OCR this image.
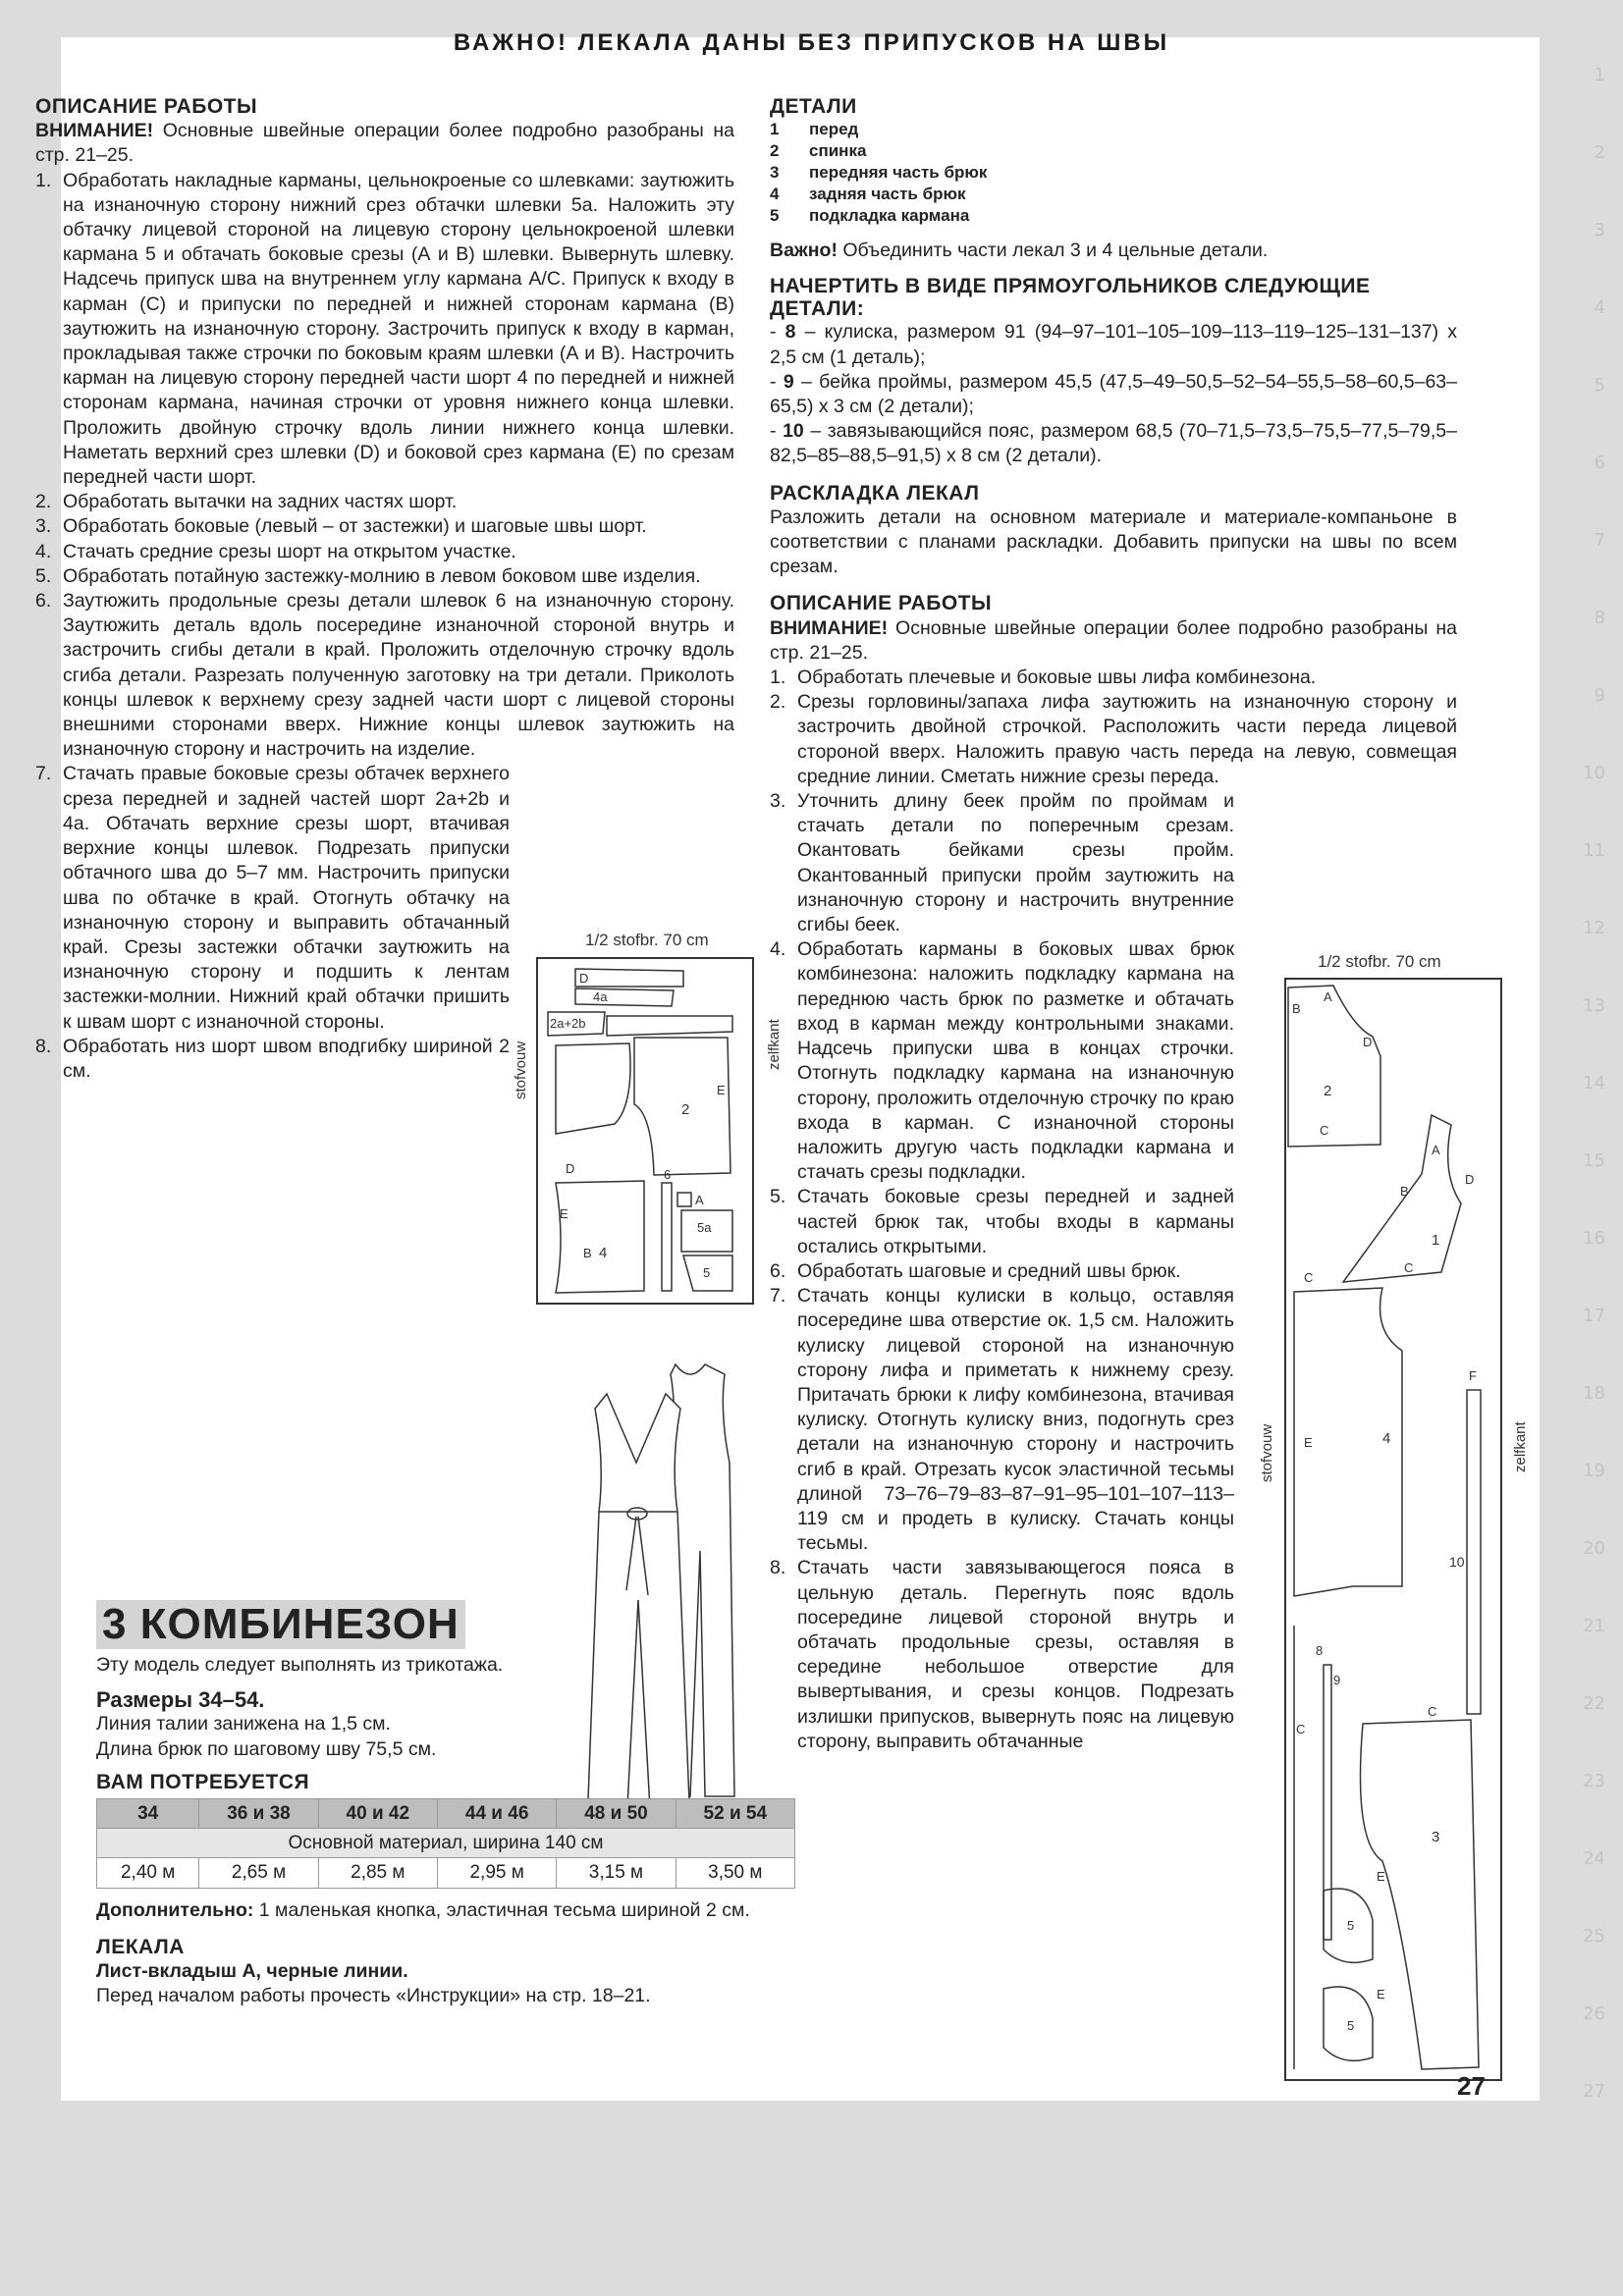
1
2
3
4
5
6
7
8
9
10
11
12
13
14
15
16
17
18
19
20
21
22
23
24
25
26
27
ВАЖНО! ЛЕКАЛА ДАНЫ БЕЗ ПРИПУСКОВ НА ШВЫ
ОПИСАНИЕ РАБОТЫ

ВНИМАНИЕ! Основные швейные операции более подробно разобраны на стр. 21–25.

1. Обработать накладные карманы, цельнокроеные со шлевками: заутюжить на изнаночную сторону нижний срез обтачки шлевки 5а. Наложить эту обтачку лицевой стороной на лицевую сторону цельнокроеной шлевки кармана 5 и обтачать боковые срезы (А и В) шлевки. Вывернуть шлевку. Надсечь припуск шва на внутреннем углу кармана А/С. Припуск к входу в карман (С) и припуски по передней и нижней сторонам кармана (В) заутюжить на изнаночную сторону. Застрочить припуск к входу в карман, прокладывая также строчки по боковым краям шлевки (А и В). Настрочить карман на лицевую сторону передней части шорт 4 по передней и нижней сторонам кармана, начиная строчки от уровня нижнего конца шлевки. Проложить двойную строчку вдоль линии нижнего конца шлевки. Наметать верхний срез шлевки (D) и боковой срез кармана (Е) по срезам передней части шорт.
2. Обработать вытачки на задних частях шорт.
3. Обработать боковые (левый – от застежки) и шаговые швы шорт.
4. Стачать средние срезы шорт на открытом участке.
5. Обработать потайную застежку-молнию в левом боковом шве изделия.
6. Заутюжить продольные срезы детали шлевок 6 на изнаночную сторону. Заутюжить деталь вдоль посередине изнаночной стороной внутрь и застрочить сгибы детали в край. Проложить отделочную строчку вдоль сгиба детали. Разрезать полученную заготовку на три детали. Приколоть концы шлевок к верхнему срезу задней части шорт с лицевой стороны внешними сторонами вверх. Нижние концы шлевок заутюжить на изнаночную сторону и настрочить на изделие.
7. Стачать правые боковые срезы обтачек верхнего среза передней и задней частей шорт 2a+2b и 4a. Обтачать верхние срезы шорт, втачивая верхние концы шлевок. Подрезать припуски обтачного шва до 5–7 мм. Настрочить припуски шва по обтачке в край. Отогнуть обтачку на изнаночную сторону и выправить обтачанный край. Срезы застежки обтачки заутюжить на изнаночную сторону и подшить к лентам застежки-молнии. Нижний край обтачки пришить к швам шорт с изнаночной стороны.
8. Обработать низ шорт швом вподгибку шириной 2 см.
1/2 stofbr. 70 cm
D
4a
2a+2b
2
E
D
E
4
B
6
A
5a
5
stofvouw	zelfkant
3 КОМБИНЕЗОН

Эту модель следует выполнять из трикотажа.

Размеры 34–54.

Линия талии занижена на 1,5 см.

Длина брюк по шаговому шву 75,5 см.

ВАМ ПОТРЕБУЕТСЯ
34	36 и 38	40 и 42	44 и 46	48 и 50	52 и 54
Основной материал, ширина 140 см					
2,40 м	2,65 м	2,85 м	2,95 м	3,15 м	3,50 м

Дополнительно: 1 маленькая кнопка, эластичная тесьма шириной 2 см.

ЛЕКАЛА
Лист-вкладыш А, черные линии.

Перед началом работы прочесть «Инструкции» на стр. 18–21.

ДЕТАЛИ
1 перед
2 спинка
3 передняя часть брюк
4 задняя часть брюк
5 подкладка кармана

Важно! Объединить части лекал 3 и 4 цельные детали.

НАЧЕРТИТЬ В ВИДЕ ПРЯМОУГОЛЬНИКОВ СЛЕДУЮЩИЕ ДЕТАЛИ:

- 8 – кулиска, размером 91 (94–97–101–105–109–113–119–125–131–137) х 2,5 см (1 деталь);

- 9 – бейка проймы, размером 45,5 (47,5–49–50,5–52–54–55,5–58–60,5–63–65,5) х 3 см (2 детали);

- 10 – завязывающийся пояс, размером 68,5 (70–71,5–73,5–75,5–77,5–79,5–82,5–85–88,5–91,5) х 8 см (2 детали).

РАСКЛАДКА ЛЕКАЛ

Разложить детали на основном материале и материале-компаньоне в соответствии с планами раскладки. Добавить припуски на швы по всем срезам.

ОПИСАНИЕ РАБОТЫ

ВНИМАНИЕ! Основные швейные операции более подробно разобраны на стр. 21–25.

1. Обработать плечевые и боковые швы лифа комбинезона.
2. Срезы горловины/запаха лифа заутюжить на изнаночную сторону и застрочить двойной строчкой. Расположить части переда лицевой стороной вверх. Наложить правую часть переда на левую, совмещая средние линии. Сметать нижние срезы переда.
3. Уточнить длину беек пройм по проймам и стачать детали по поперечным срезам. Окантовать бейками срезы пройм. Окантованный припуски пройм заутюжить на изнаночную сторону и настрочить внутренние сгибы беек.
4. Обработать карманы в боковых швах брюк комбинезона: наложить подкладку кармана на переднюю часть брюк по разметке и обтачать вход в карман между контрольными знаками. Надсечь припуски шва в концах строчки. Отогнуть подкладку кармана на изнаночную сторону, проложить отделочную строчку по краю входа в карман. С изнаночной стороны наложить другую часть подкладки кармана и стачать срезы подкладки.
5. Стачать боковые срезы передней и задней частей брюк так, чтобы входы в карманы остались открытыми.
6. Обработать шаговые и средний швы брюк.
7. Стачать концы кулиски в кольцо, оставляя посередине шва отверстие ок. 1,5 см. Наложить кулиску лицевой стороной на изнаночную сторону лифа и приметать к нижнему срезу. Притачать брюки к лифу комбинезона, втачивая кулиску. Отогнуть кулиску вниз, подогнуть срез детали на изнаночную сторону и настрочить сгиб в край. Отрезать кусок эластичной тесьмы длиной 73–76–79–83–87–91–95–101–107–113–119 см и продеть в кулиску. Стачать концы тесьмы.
8. Стачать части завязывающегося пояса в цельную деталь. Перегнуть пояс вдоль посередине лицевой стороной внутрь и обтачать продольные срезы, оставляя в середине небольшое отверстие для вывертывания, и срезы концов. Подрезать излишки припусков, вывернуть пояс на лицевую сторону, выправить обтачанные
1/2 stofbr. 70 cm
B
A
D
2
C
A
D
B
1
C
C
E	4
F
10
8
9
C
C
3
E
5
E
5
stofvouw	zelfkant
27
